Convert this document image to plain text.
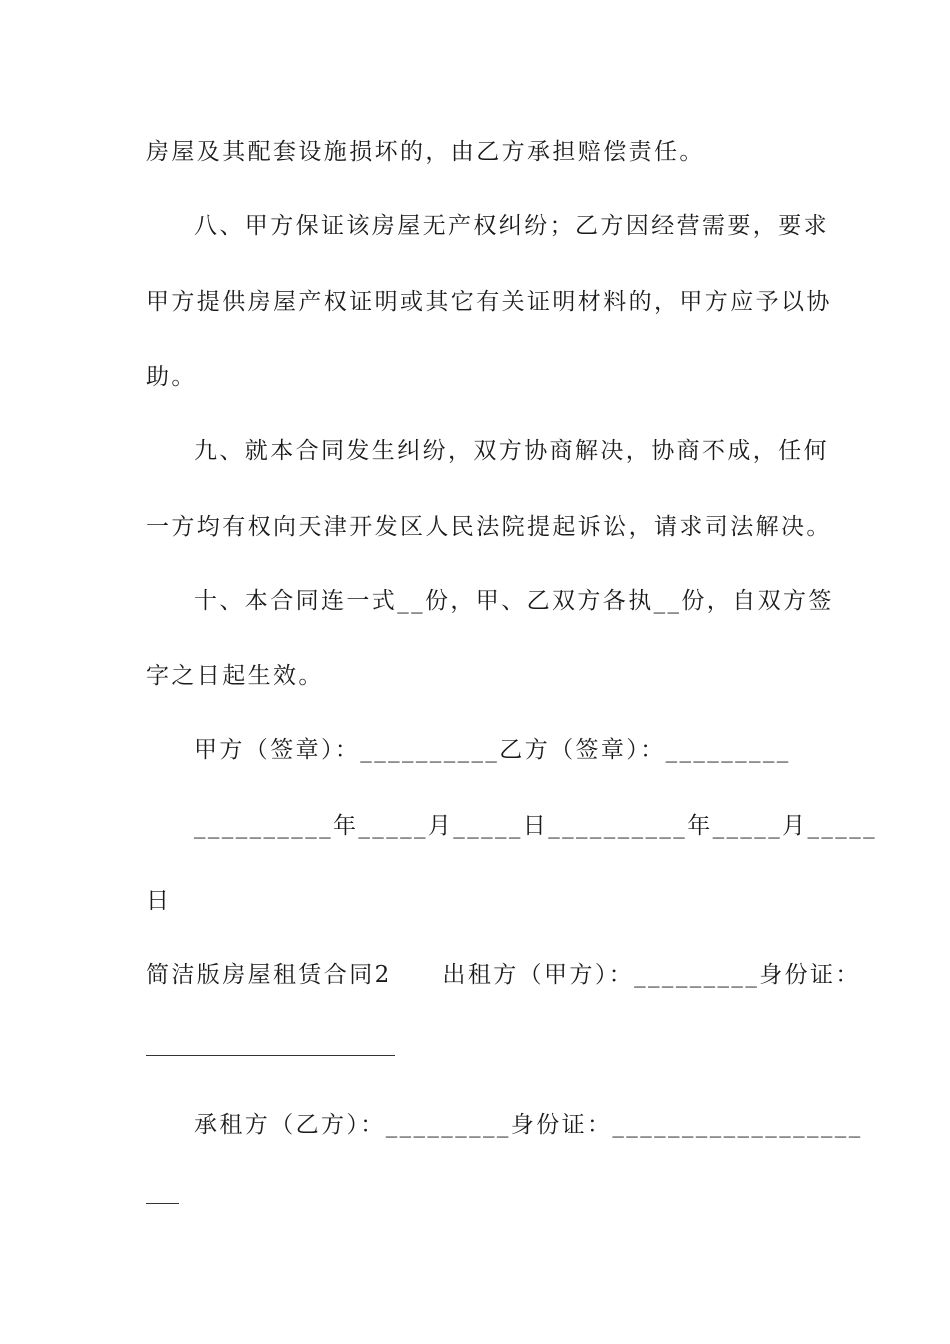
房屋及其配套设施损坏的，由乙方承担赔偿责任。
八、甲方保证该房屋无产权纠纷；乙方因经营需要，要求
甲方提供房屋产权证明或其它有关证明材料的，甲方应予以协
助。
九、就本合同发生纠纷，双方协商解决，协商不成，任何
一方均有权向天津开发区人民法院提起诉讼，请求司法解决。
十、本合同连一式__份，甲、乙双方各执__份，自双方签
字之日起生效。
甲方（签章）：__________乙方（签章）：_________
__________年_____月_____日__________年_____月_____
日
简洁版房屋租赁合同2　　出租方（甲方）：_________身份证：
承租方（乙方）：_________身份证：__________________
